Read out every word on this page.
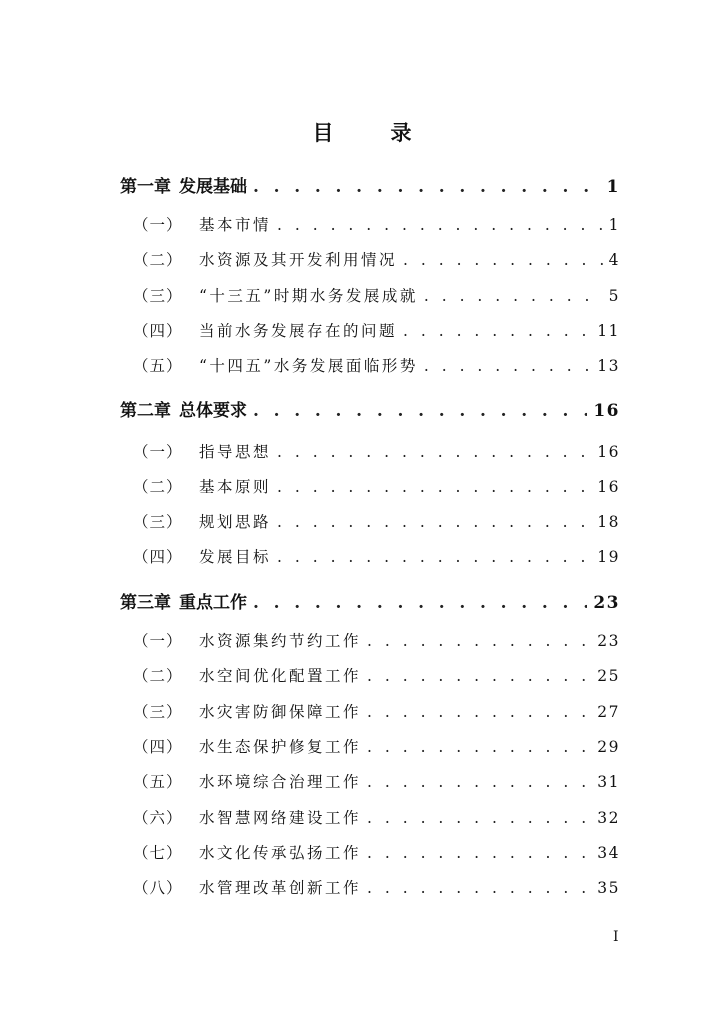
目　录
第一章 发展基础 . . .	1
（一）	基本市情 . . .	1
（二）	水资源及其开发利用情况 . . .	4
（三）	“十三五”时期水务发展成就 . . .	5
（四）	当前水务发展存在的问题 . . .	11
（五）	“十四五”水务发展面临形势 . . .	13
第二章 总体要求 . . .	16
（一）	指导思想 . . .	16
（二）	基本原则 . . .	16
（三）	规划思路 . . .	18
（四）	发展目标 . . .	19
第三章 重点工作 . . .	23
（一）	水资源集约节约工作 . . .	23
（二）	水空间优化配置工作 . . .	25
（三）	水灾害防御保障工作 . . .	27
（四）	水生态保护修复工作 . . .	29
（五）	水环境综合治理工作 . . .	31
（六）	水智慧网络建设工作 . . .	32
（七）	水文化传承弘扬工作 . . .	34
（八）	水管理改革创新工作 . . .	35
I
